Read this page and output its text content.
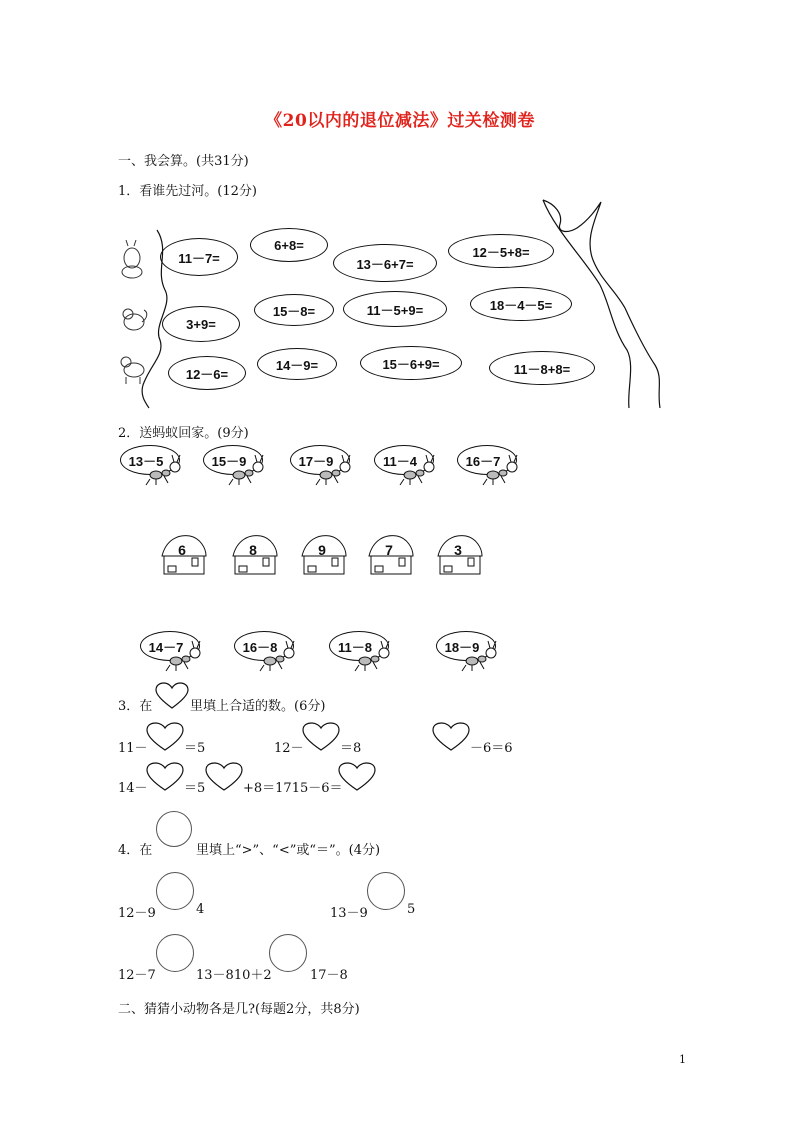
《20以内的退位减法》过关检测卷
一、我会算。(共31分)
1．看谁先过河。(12分)
11－7=
6+8=
13－6+7=
12－5+8=
3+9=
15－8=	11－5+9=	18－4－5=
12－6=
14－9=	15－6+9=	11－8+8=
2．送蚂蚁回家。(9分)
13－5	15－9	17－9	11－4	16－7
6	8	9	7	3
14－7	16－8	11－8	18－9
3．在	里填上合适的数。(6分)
11－	＝5	12－	＝8	－6＝6
14－	＝5	+8＝1715－6＝
4．在	里填上“>”、“<”或“＝”。(4分)
12－9	4	13－9	5
12－7	13－810＋2	17－8
二、猜猜小动物各是几?(每题2分，共8分)
1
